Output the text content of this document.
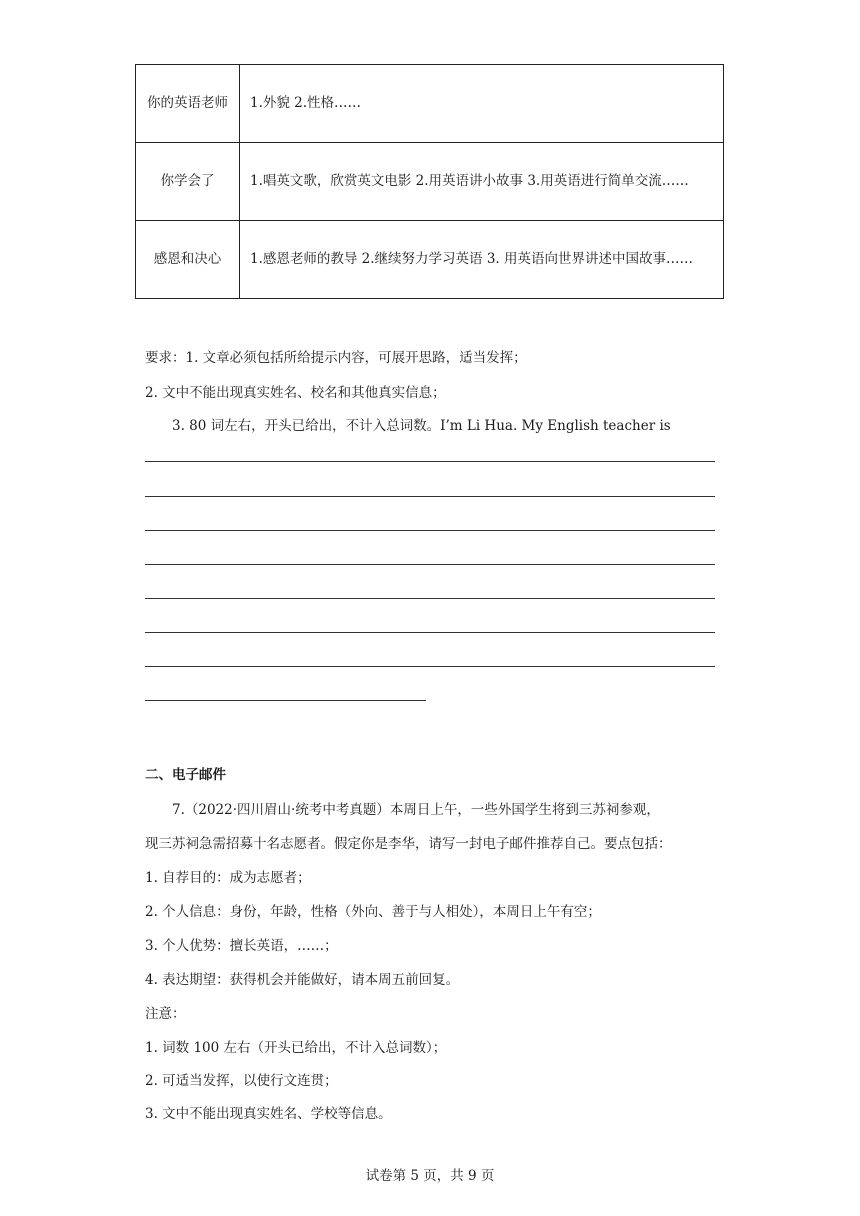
你的英语老师	1.外貌 2.性格……
你学会了	1.唱英文歌，欣赏英文电影 2.用英语讲小故事 3.用英语进行简单交流……
感恩和决心	1.感恩老师的教导 2.继续努力学习英语 3. 用英语向世界讲述中国故事……
要求：1. 文章必须包括所给提示内容，可展开思路，适当发挥；
2. 文中不能出现真实姓名、校名和其他真实信息；
3. 80 词左右，开头已给出，不计入总词数。I’m Li Hua. My English teacher is
二、电子邮件
7.（2022·四川眉山·统考中考真题）本周日上午，一些外国学生将到三苏祠参观，
现三苏祠急需招募十名志愿者。假定你是李华，请写一封电子邮件推荐自己。要点包括：
1. 自荐目的：成为志愿者；
2. 个人信息：身份，年龄，性格（外向、善于与人相处），本周日上午有空；
3. 个人优势：擅长英语，……；
4. 表达期望：获得机会并能做好，请本周五前回复。
注意：
1. 词数 100 左右（开头已给出，不计入总词数）；
2. 可适当发挥，以使行文连贯；
3. 文中不能出现真实姓名、学校等信息。
试卷第 5 页，共 9 页
